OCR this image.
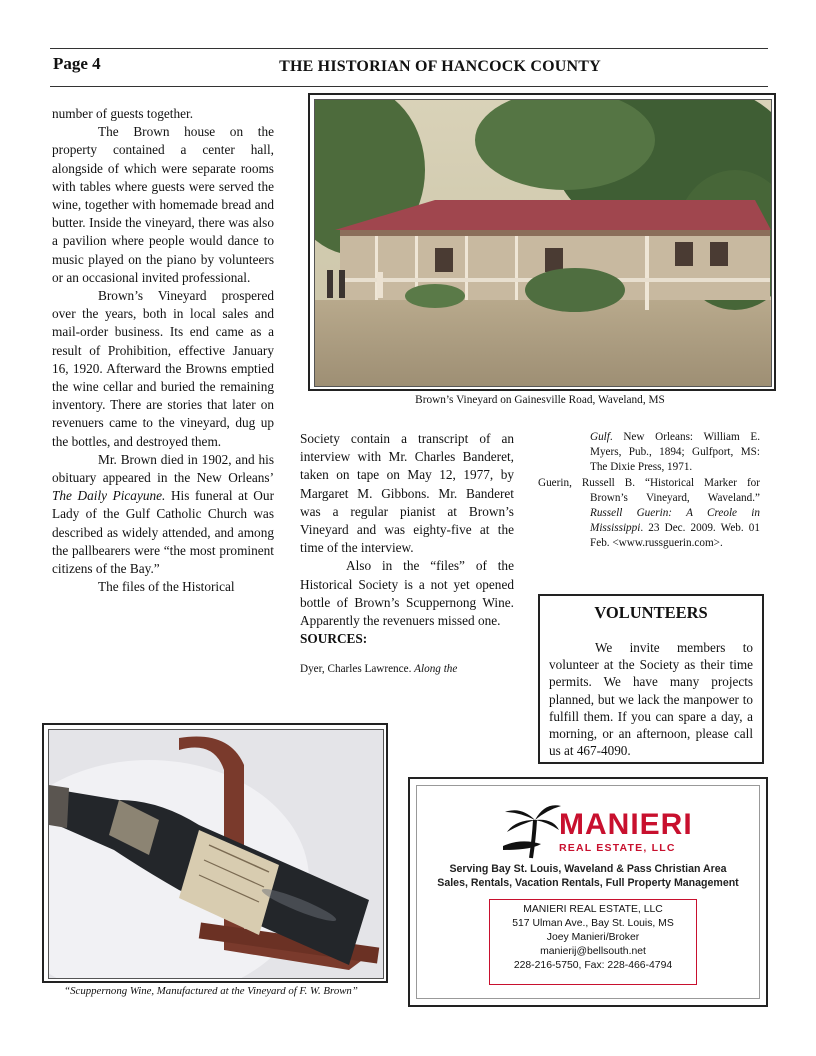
Page 4	THE HISTORIAN OF HANCOCK COUNTY

number of guests together.

The Brown house on the property contained a center hall, alongside of which were separate rooms with tables where guests were served the wine, together with homemade bread and butter. Inside the vineyard, there was also a pavilion where people would dance to music played on the piano by volunteers or an occasional invited professional.

Brown’s Vineyard prospered over the years, both in local sales and mail-order business. Its end came as a result of Prohibition, effective January 16, 1920. Afterward the Browns emptied the wine cellar and buried the remaining inventory. There are stories that later on revenuers came to the vineyard, dug up the bottles, and destroyed them.

Mr. Brown died in 1902, and his obituary appeared in the New Orleans’ The Daily Picayune. His funeral at Our Lady of the Gulf Catholic Church was described as widely attended, and among the pallbearers were “the most prominent citizens of the Bay.”

The files of the Historical

Brown’s Vineyard on Gainesville Road, Waveland, MS

Society contain a transcript of an interview with Mr. Charles Banderet, taken on tape on May 12, 1977, by Margaret M. Gibbons. Mr. Banderet was a regular pianist at Brown’s Vineyard and was eighty-five at the time of the interview.

Also in the “files” of the Historical Society is a not yet opened bottle of Brown’s Scuppernong Wine. Apparently the revenuers missed one.

SOURCES:

Dyer, Charles Lawrence. Along the

Gulf. New Orleans: William E. Myers, Pub., 1894; Gulfport, MS: The Dixie Press, 1971.

Guerin, Russell B. “Historical Marker for Brown’s Vineyard, Waveland.” Russell Guerin: A Creole in Mississippi. 23 Dec. 2009. Web. 01 Feb. <www.russguerin.com>.

VOLUNTEERS

We invite members to volunteer at the Society as their time permits. We have many projects planned, but we lack the manpower to fulfill them. If you can spare a day, a morning, or an afternoon, please call us at 467-4090.

“Scuppernong Wine, Manufactured at the Vineyard of F. W. Brown”
MANIERI
REAL ESTATE, LLC
Serving Bay St. Louis, Waveland & Pass Christian Area
Sales, Rentals, Vacation Rentals, Full Property Management
MANIERI REAL ESTATE, LLC
517 Ulman Ave., Bay St. Louis, MS
Joey Manieri/Broker
manierij@bellsouth.net
228-216-5750, Fax: 228-466-4794
